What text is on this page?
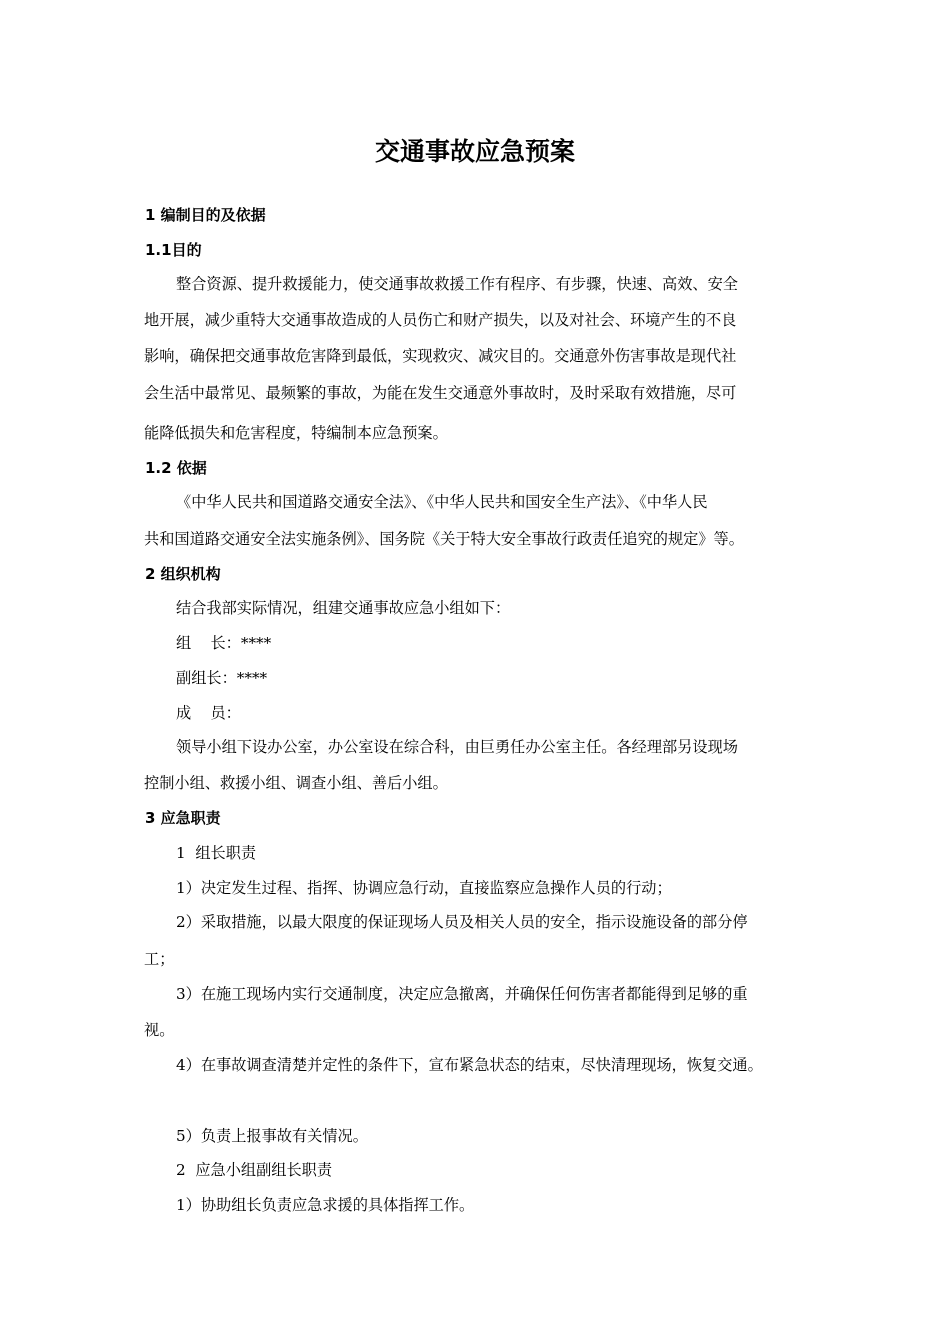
交通事故应急预案
1 编制目的及依据
1.1目的
整合资源、提升救援能力，使交通事故救援工作有程序、有步骤，快速、高效、安全
地开展，减少重特大交通事故造成的人员伤亡和财产损失，以及对社会、环境产生的不良
影响，确保把交通事故危害降到最低，实现救灾、减灾目的。交通意外伤害事故是现代社
会生活中最常见、最频繁的事故，为能在发生交通意外事故时，及时采取有效措施，尽可
能降低损失和危害程度，特编制本应急预案。
1.2 依据
《中华人民共和国道路交通安全法》、《中华人民共和国安全生产法》、《中华人民
共和国道路交通安全法实施条例》、国务院《关于特大安全事故行政责任追究的规定》等。
2 组织机构
结合我部实际情况，组建交通事故应急小组如下：
组    长：****
副组长：****
成    员：
领导小组下设办公室，办公室设在综合科，由巨勇任办公室主任。各经理部另设现场
控制小组、救援小组、调查小组、善后小组。
3 应急职责
1  组长职责
1）决定发生过程、指挥、协调应急行动，直接监察应急操作人员的行动；
2）采取措施，以最大限度的保证现场人员及相关人员的安全，指示设施设备的部分停
工；
3）在施工现场内实行交通制度，决定应急撤离，并确保任何伤害者都能得到足够的重
视。
4）在事故调查清楚并定性的条件下，宣布紧急状态的结束，尽快清理现场，恢复交通。
5）负责上报事故有关情况。
2  应急小组副组长职责
1）协助组长负责应急求援的具体指挥工作。
